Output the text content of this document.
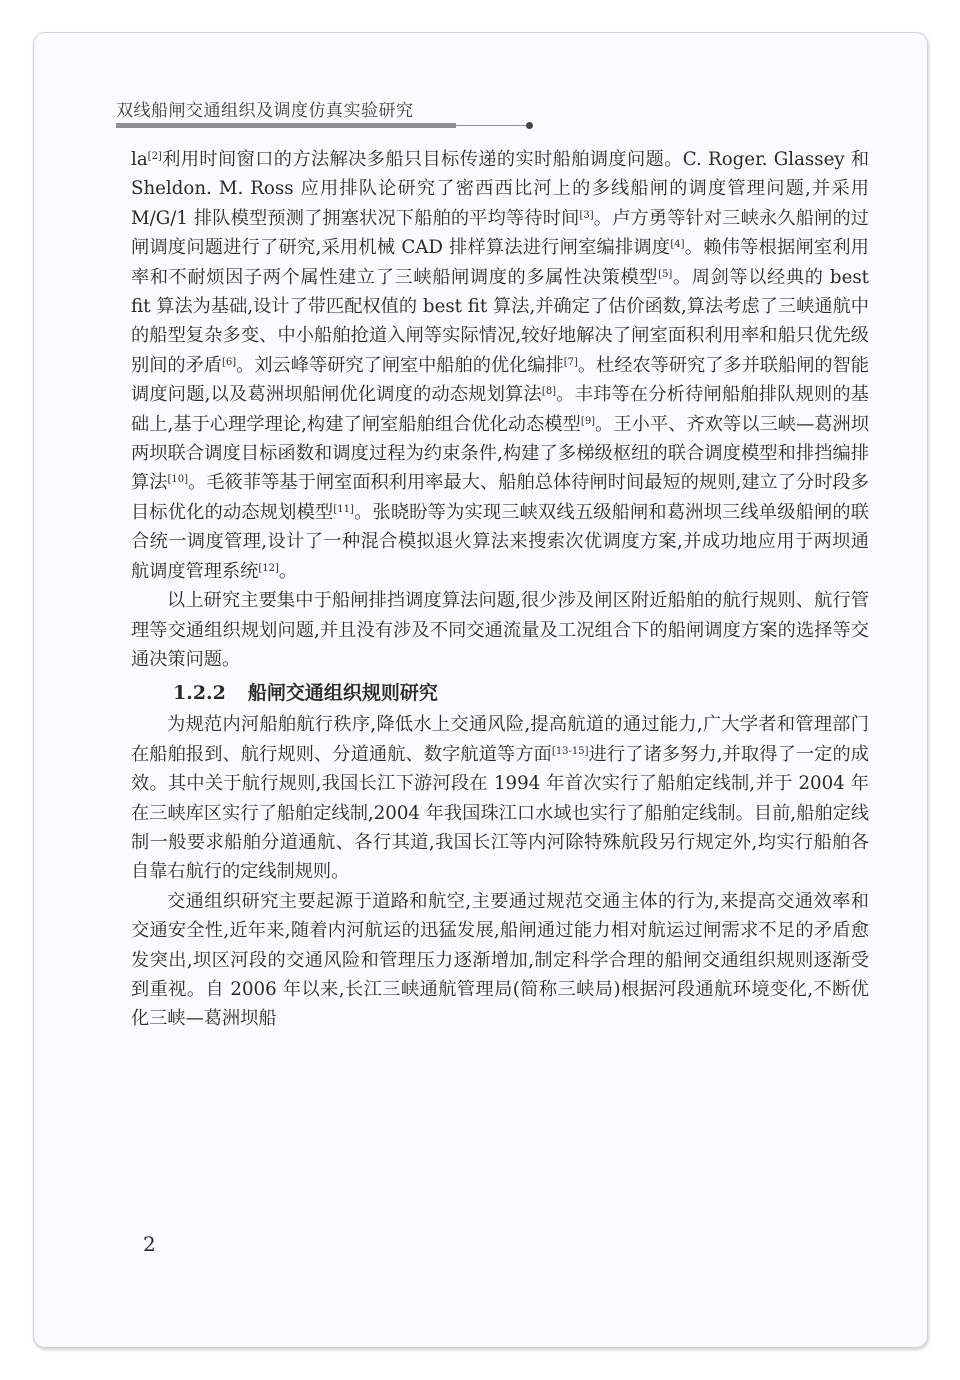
双线船闸交通组织及调度仿真实验研究

la[2]利用时间窗口的方法解决多船只目标传递的实时船舶调度问题。C. Roger. Glassey 和 Sheldon. M. Ross 应用排队论研究了密西西比河上的多线船闸的调度管理问题,并采用 M/G/1 排队模型预测了拥塞状况下船舶的平均等待时间[3]。卢方勇等针对三峡永久船闸的过闸调度问题进行了研究,采用机械 CAD 排样算法进行闸室编排调度[4]。赖伟等根据闸室利用率和不耐烦因子两个属性建立了三峡船闸调度的多属性决策模型[5]。周剑等以经典的 best fit 算法为基础,设计了带匹配权值的 best fit 算法,并确定了估价函数,算法考虑了三峡通航中的船型复杂多变、中小船舶抢道入闸等实际情况,较好地解决了闸室面积利用率和船只优先级别间的矛盾[6]。刘云峰等研究了闸室中船舶的优化编排[7]。杜经农等研究了多并联船闸的智能调度问题,以及葛洲坝船闸优化调度的动态规划算法[8]。丰玮等在分析待闸船舶排队规则的基础上,基于心理学理论,构建了闸室船舶组合优化动态模型[9]。王小平、齐欢等以三峡—葛洲坝两坝联合调度目标函数和调度过程为约束条件,构建了多梯级枢纽的联合调度模型和排挡编排算法[10]。毛筱菲等基于闸室面积利用率最大、船舶总体待闸时间最短的规则,建立了分时段多目标优化的动态规划模型[11]。张晓盼等为实现三峡双线五级船闸和葛洲坝三线单级船闸的联合统一调度管理,设计了一种混合模拟退火算法来搜索次优调度方案,并成功地应用于两坝通航调度管理系统[12]。

以上研究主要集中于船闸排挡调度算法问题,很少涉及闸区附近船舶的航行规则、航行管理等交通组织规划问题,并且没有涉及不同交通流量及工况组合下的船闸调度方案的选择等交通决策问题。

1.2.2 船闸交通组织规则研究

为规范内河船舶航行秩序,降低水上交通风险,提高航道的通过能力,广大学者和管理部门在船舶报到、航行规则、分道通航、数字航道等方面[13-15]进行了诸多努力,并取得了一定的成效。其中关于航行规则,我国长江下游河段在 1994 年首次实行了船舶定线制,并于 2004 年在三峡库区实行了船舶定线制,2004 年我国珠江口水域也实行了船舶定线制。目前,船舶定线制一般要求船舶分道通航、各行其道,我国长江等内河除特殊航段另行规定外,均实行船舶各自靠右航行的定线制规则。

交通组织研究主要起源于道路和航空,主要通过规范交通主体的行为,来提高交通效率和交通安全性,近年来,随着内河航运的迅猛发展,船闸通过能力相对航运过闸需求不足的矛盾愈发突出,坝区河段的交通风险和管理压力逐渐增加,制定科学合理的船闸交通组织规则逐渐受到重视。自 2006 年以来,长江三峡通航管理局(简称三峡局)根据河段通航环境变化,不断优化三峡—葛洲坝船

2
